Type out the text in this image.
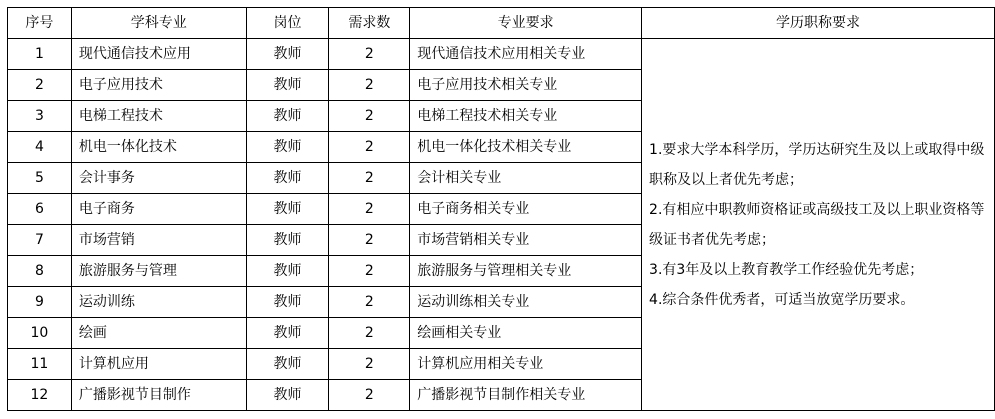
序号	学科专业	岗位	需求数	专业要求	学历职称要求
1	现代通信技术应用	教师	2	现代通信技术应用相关专业	1.要求大学本科学历，学历达研究生及以上或取得中级职称及以上者优先考虑；

2.有相应中职教师资格证或高级技工及以上职业资格等级证书者优先考虑；

3.有3年及以上教育教学工作经验优先考虑；

4.综合条件优秀者，可适当放宽学历要求。

2	电子应用技术	教师	2	电子应用技术相关专业	
3	电梯工程技术	教师	2	电梯工程技术相关专业	
4	机电一体化技术	教师	2	机电一体化技术相关专业	
5	会计事务	教师	2	会计相关专业	
6	电子商务	教师	2	电子商务相关专业	
7	市场营销	教师	2	市场营销相关专业	
8	旅游服务与管理	教师	2	旅游服务与管理相关专业	
9	运动训练	教师	2	运动训练相关专业	
10	绘画	教师	2	绘画相关专业	
11	计算机应用	教师	2	计算机应用相关专业	
12	广播影视节目制作	教师	2	广播影视节目制作相关专业	
